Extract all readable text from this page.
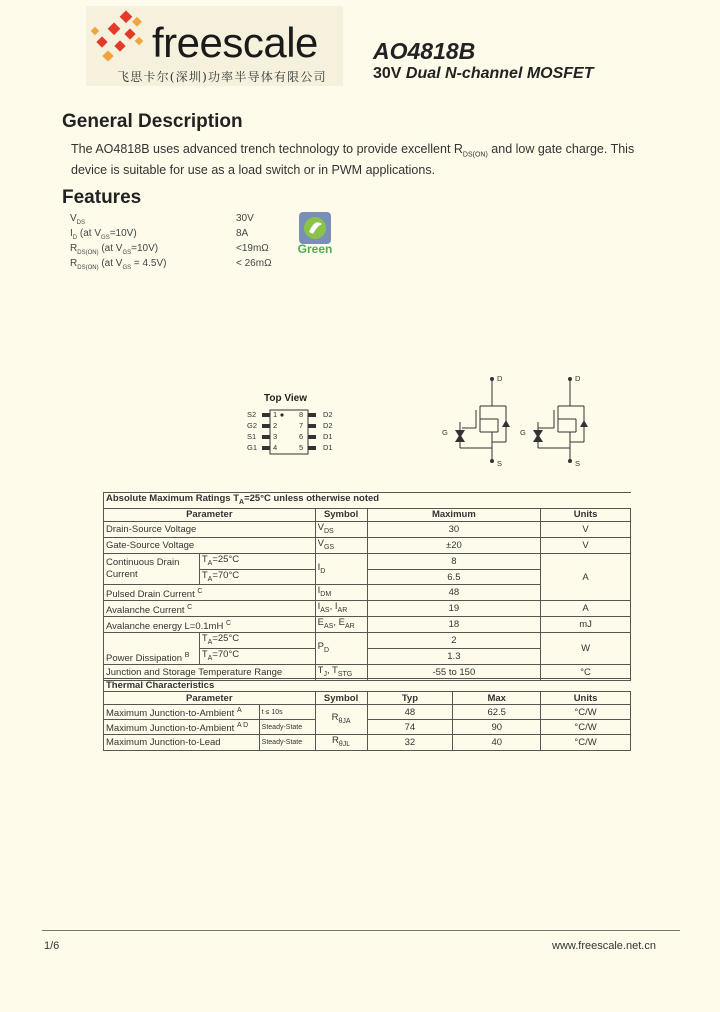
freescale
飞思卡尔(深圳)功率半导体有限公司
AO4818B
30V Dual N-channel MOSFET
General Description
The AO4818B uses advanced trench technology to provide excellent $R_{DS(ON)}$ and low gate charge. This
device is suitable for use as a load switch or in PWM applications.
Features
$V_{DS}$	30V
$I_D$ (at $V_{GS}=10V$)	8A
$R_{DS(ON)}$ (at $V_{GS}=10V$)	<19mΩ
$R_{DS(ON)}$ (at $V_{GS} = 4.5V$)	< 26mΩ
Green
Top View
S2
G2
S1
G1
1
2
3
4
8
7
6
5
D2
D2
D1
D1
D	D
G	G
S	S
Absolute Maximum Ratings $T_A=25^\circ C$ unless otherwise noted				
Parameter		Symbol	Maximum	Units
Drain-Source Voltage		$V_{DS}$	30	V
Gate-Source Voltage		$V_{GS}$	±20	V
Continuous Drain
Current	$T_A=25^\circ C$	$I_D$	8	A
	$T_A=70^\circ C$		6.5	
Pulsed Drain Current $^C$		$I_{DM}$	48	
Avalanche Current $^C$		$I_{AS}$, $I_{AR}$	19	A
Avalanche energy L=0.1mH $^C$		$E_{AS}$, $E_{AR}$	18	mJ
Power Dissipation $^B$	$T_A=25^\circ C$	$P_D$	2	W
	$T_A=70^\circ C$		1.3	
Junction and Storage Temperature Range		$T_J$, $T_{STG}$	-55 to 150	°C
Thermal Characteristics					
Parameter		Symbol	Typ	Max	Units
Maximum Junction-to-Ambient $^A$	t ≤ 10s	$R_{\theta JA}$	48	62.5	°C/W
Maximum Junction-to-Ambient $^{A D}$	Steady-State		74	90	°C/W
Maximum Junction-to-Lead	Steady-State	$R_{\theta JL}$	32	40	°C/W
1/6	www.freescale.net.cn
